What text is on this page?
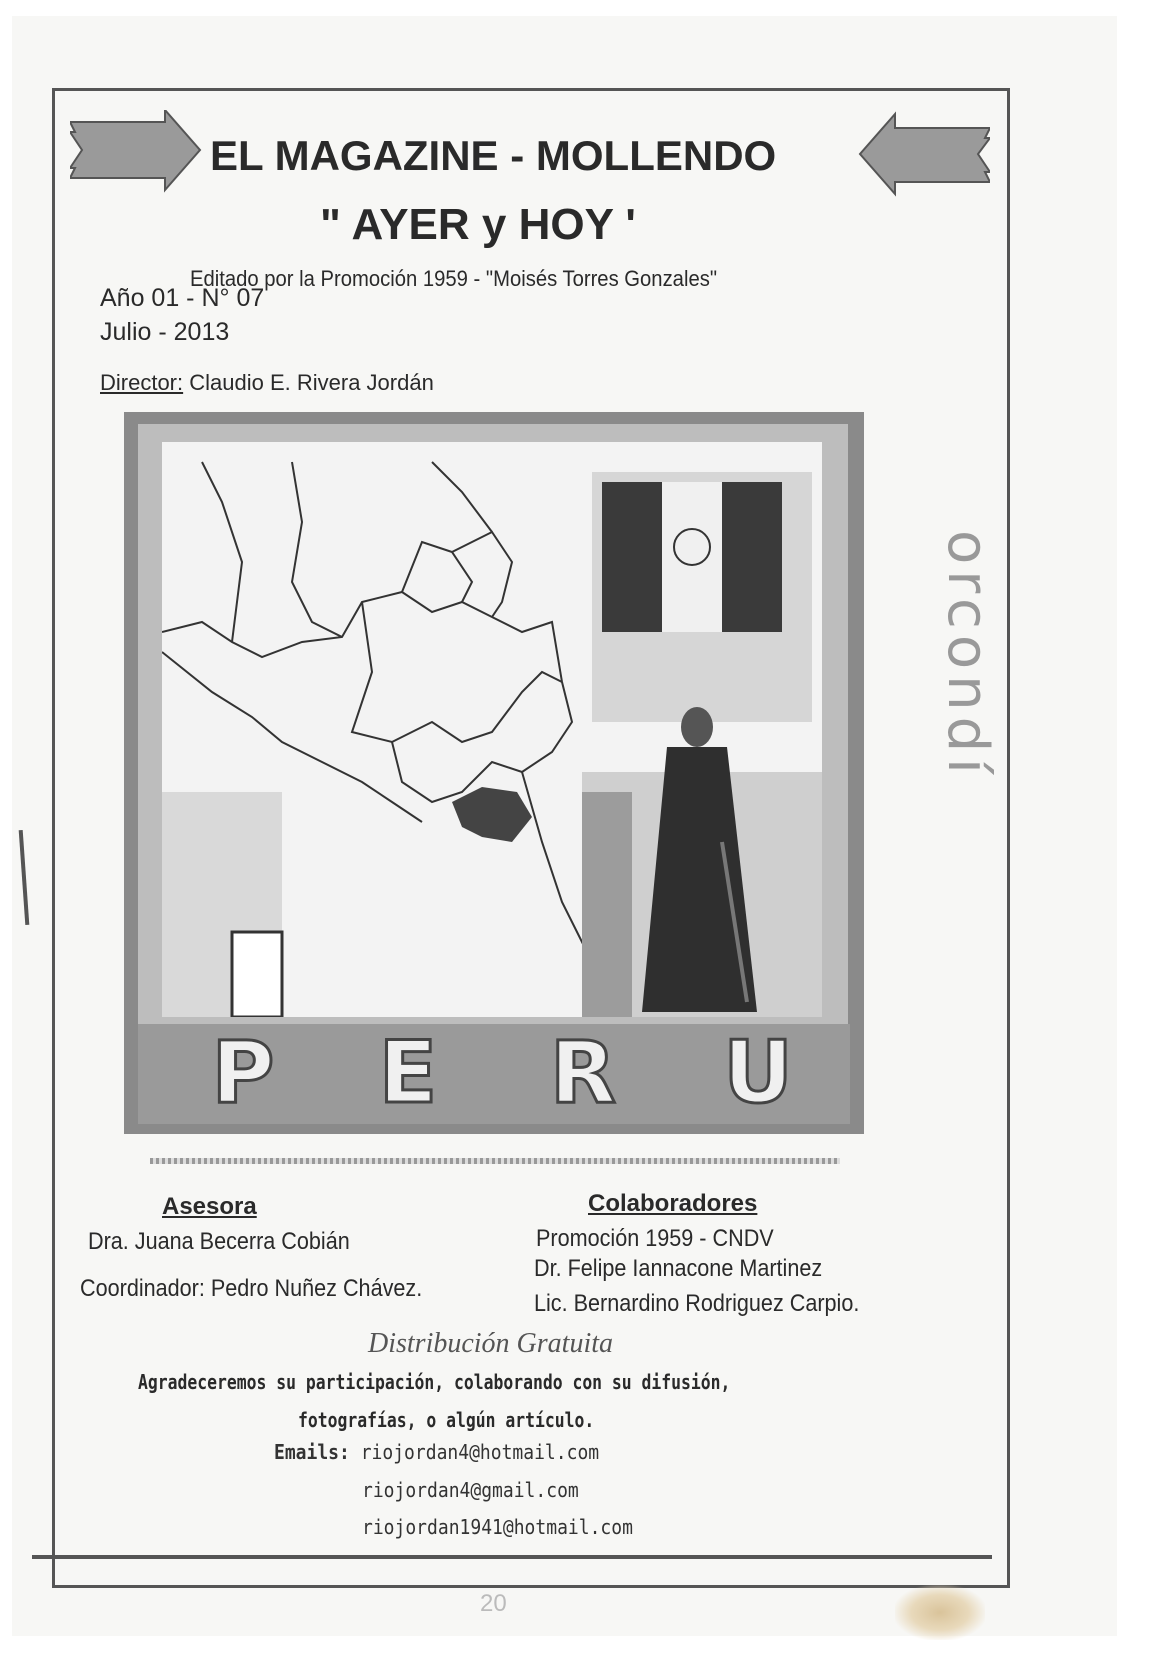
EL MAGAZINE - MOLLENDO
" AYER y HOY '
Editado por la Promoción 1959 - "Moisés Torres Gonzales"
Año 01 - N° 07
Julio - 2013
Director: Claudio E. Rivera Jordán
P	E	R	U
Asesora
Dra. Juana Becerra Cobián
Coordinador: Pedro Nuñez Chávez.
Colaboradores
Promoción 1959 - CNDV
Dr. Felipe Iannacone Martinez
Lic. Bernardino Rodriguez Carpio.
Distribución Gratuita
Agradeceremos su participación, colaborando con su difusión,
fotografías, o algún artículo.
Emails: riojordan4@hotmail.com
riojordan4@gmail.com
riojordan1941@hotmail.com
orcondí
20
